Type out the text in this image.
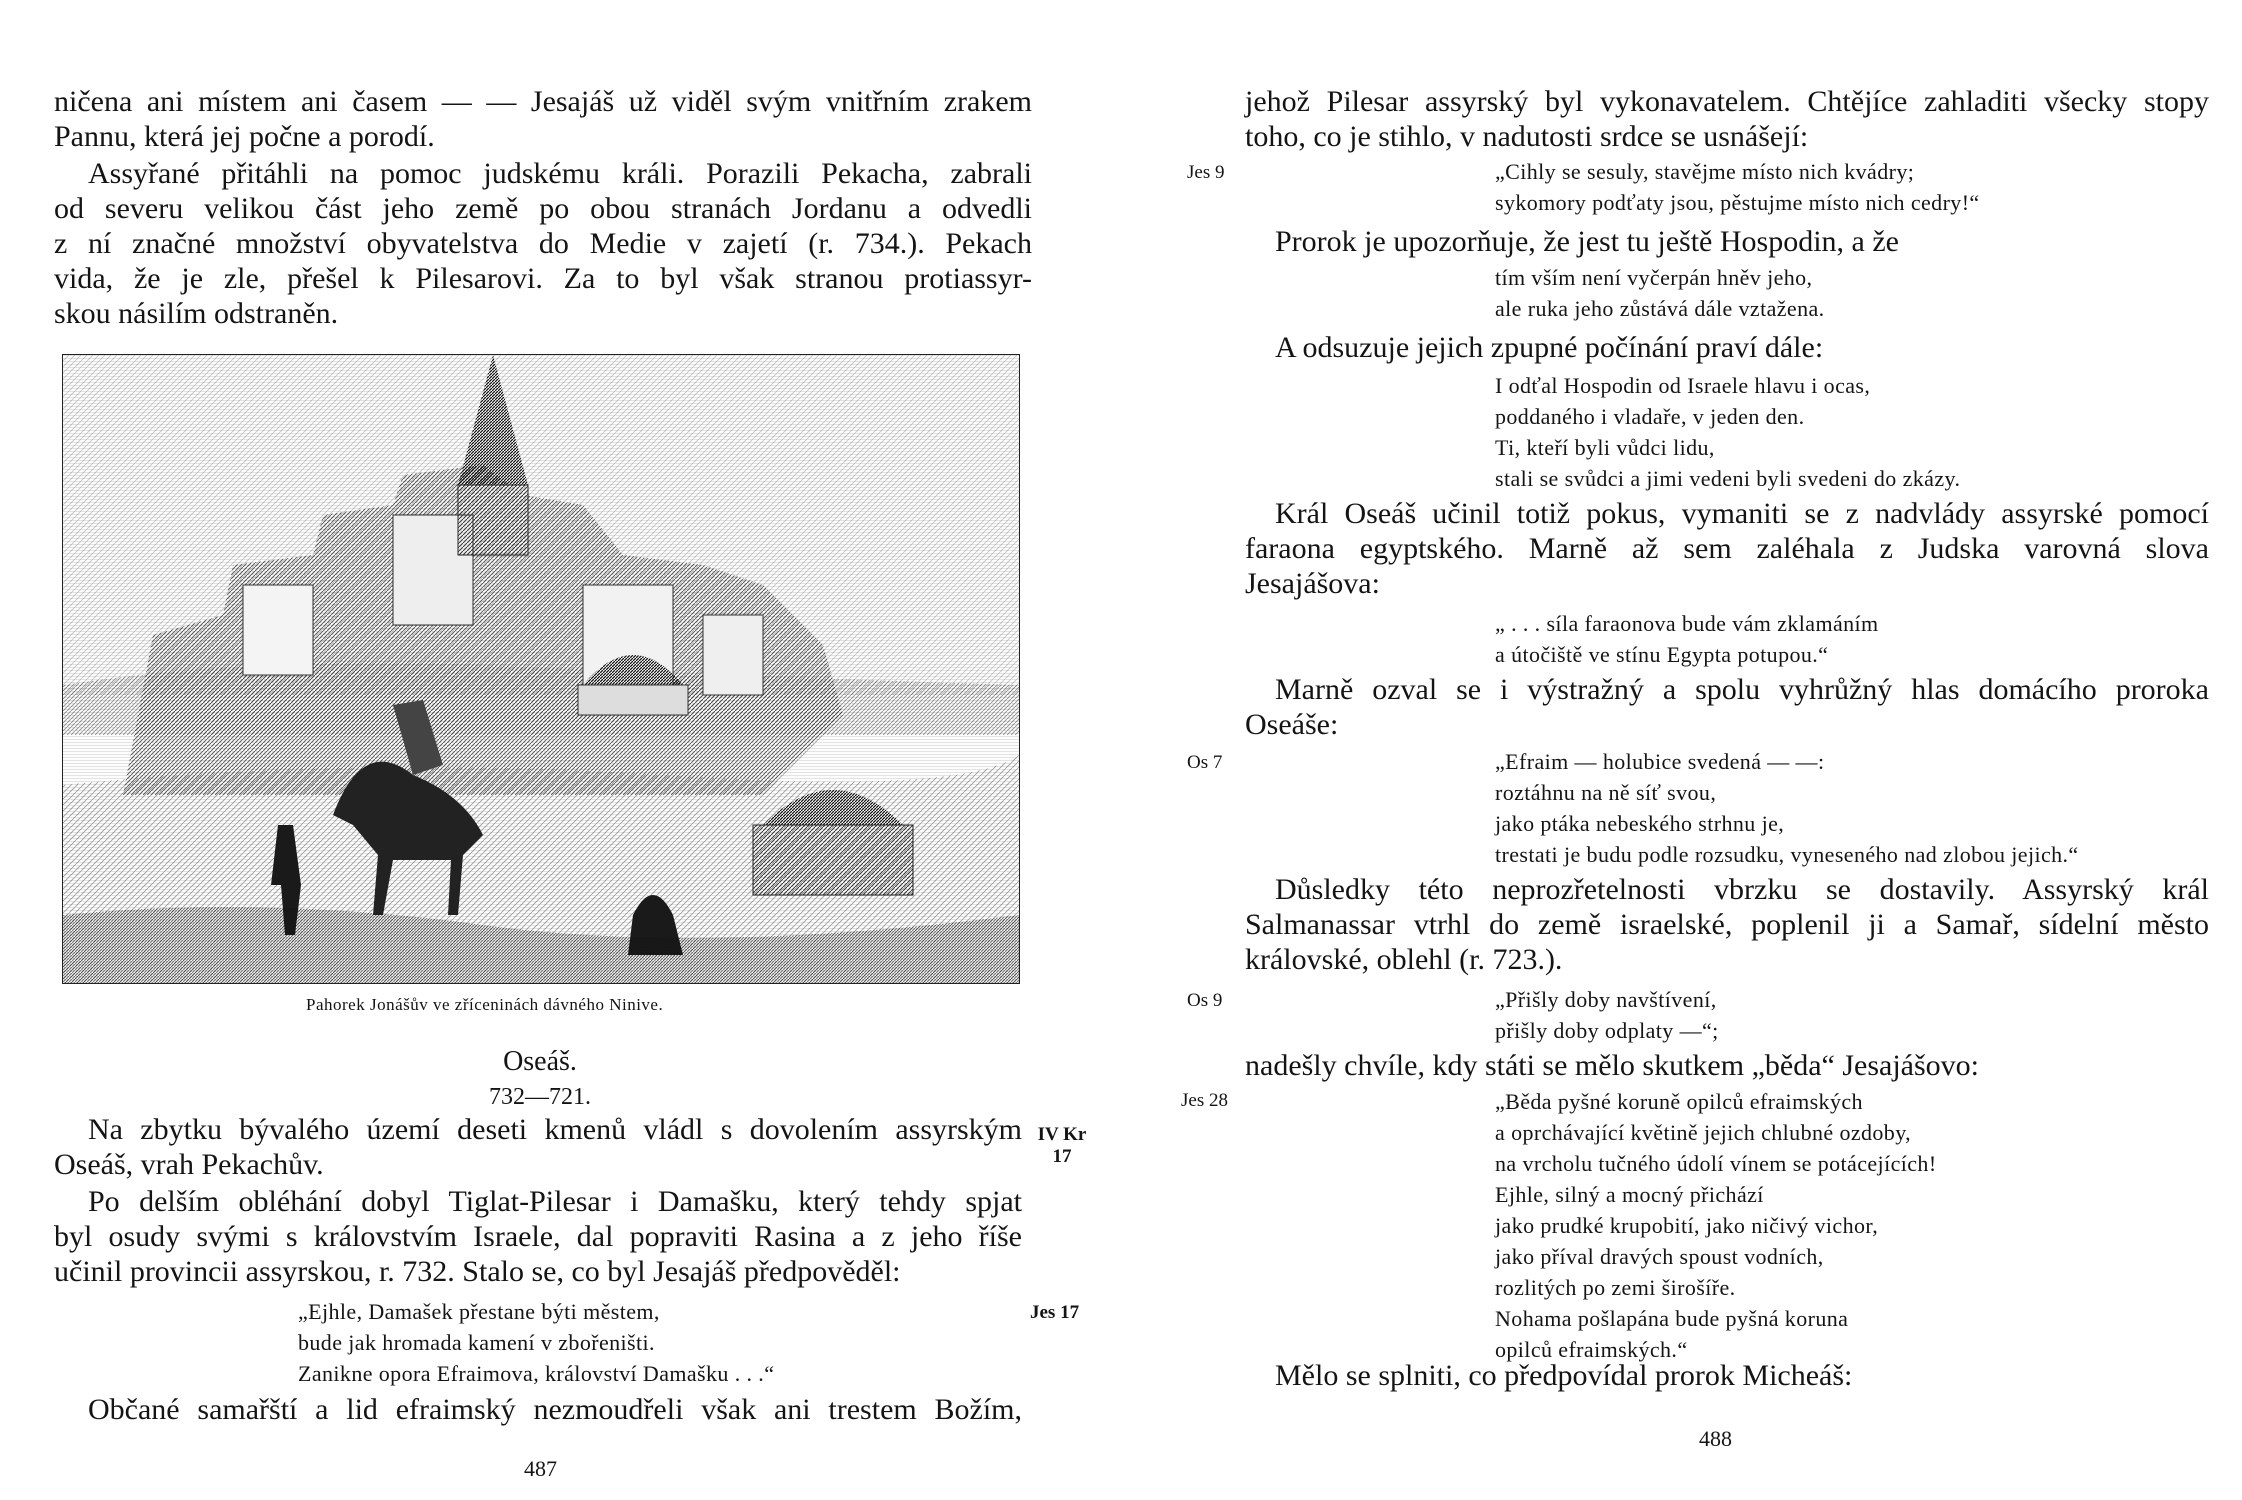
ničena ani místem ani časem — — Jesajáš už viděl svým vnitřním zrakem
Pannu, která jej počne a porodí.

Assyřané přitáhli na pomoc judskému králi. Porazili Pekacha, zabrali
od severu velikou část jeho země po obou stranách Jordanu a odvedli
z ní značné množství obyvatelstva do Medie v zajetí (r. 734.). Pekach
vida, že je zle, přešel k Pilesarovi. Za to byl však stranou protiassyr-
skou násilím odstraněn.

Pahorek Jonášův ve zříceninách dávného Ninive.
Oseáš.
732—721.

Na zbytku bývalého území deseti kmenů vládl s dovolením assyrským
Oseáš, vrah Pekachův.

IV Kr
17

Po delším obléhání dobyl Tiglat-Pilesar i Damašku, který tehdy spjat
byl osudy svými s královstvím Israele, dal popraviti Rasina a z jeho říše
učinil provincii assyrskou, r. 732. Stalo se, co byl Jesajáš předpověděl:

„Ejhle, Damašek přestane býti městem,
bude jak hromada kamení v zbořeništi.
Zanikne opora Efraimova, království Damašku . . .“
Jes 17

Občané samařští a lid efraimský nezmoudřeli však ani trestem Božím,

487

jehož Pilesar assyrský byl vykonavatelem. Chtějíce zahladiti všecky stopy
toho, co je stihlo, v nadutosti srdce se usnášejí:

Jes 9	„Cihly se sesuly, stavějme místo nich kvádry;
sykomory podťaty jsou, pěstujme místo nich cedry!“

Prorok je upozorňuje, že jest tu ještě Hospodin, a že

tím vším není vyčerpán hněv jeho,
ale ruka jeho zůstává dále vztažena.

A odsuzuje jejich zpupné počínání praví dále:

I odťal Hospodin od Israele hlavu i ocas,
poddaného i vladaře, v jeden den.
Ti, kteří byli vůdci lidu,
stali se svůdci a jimi vedeni byli svedeni do zkázy.

Král Oseáš učinil totiž pokus, vymaniti se z nadvlády assyrské pomocí
faraona egyptského. Marně až sem zaléhala z Judska varovná slova
Jesajášova:

„ . . . síla faraonova bude vám zklamáním
a útočiště ve stínu Egypta potupou.“

Marně ozval se i výstražný a spolu vyhrůžný hlas domácího proroka
Oseáše:

Os 7	„Efraim — holubice svedená — —:
roztáhnu na ně síť svou,
jako ptáka nebeského strhnu je,
trestati je budu podle rozsudku, vyneseného nad zlobou jejich.“

Důsledky této neprozřetelnosti vbrzku se dostavily. Assyrský král
Salmanassar vtrhl do země israelské, poplenil ji a Samař, sídelní město
královské, oblehl (r. 723.).

Os 9	„Přišly doby navštívení,
přišly doby odplaty —“;

nadešly chvíle, kdy státi se mělo skutkem „běda“ Jesajášovo:

Jes 28	„Běda pyšné koruně opilců efraimských
a oprchávající květině jejich chlubné ozdoby,
na vrcholu tučného údolí vínem se potácejících!
Ejhle, silný a mocný přichází
jako prudké krupobití, jako ničivý vichor,
jako příval dravých spoust vodních,
rozlitých po zemi širošíře.
Nohama pošlapána bude pyšná koruna
opilců efraimských.“

Mělo se splniti, co předpovídal prorok Micheáš:

488
